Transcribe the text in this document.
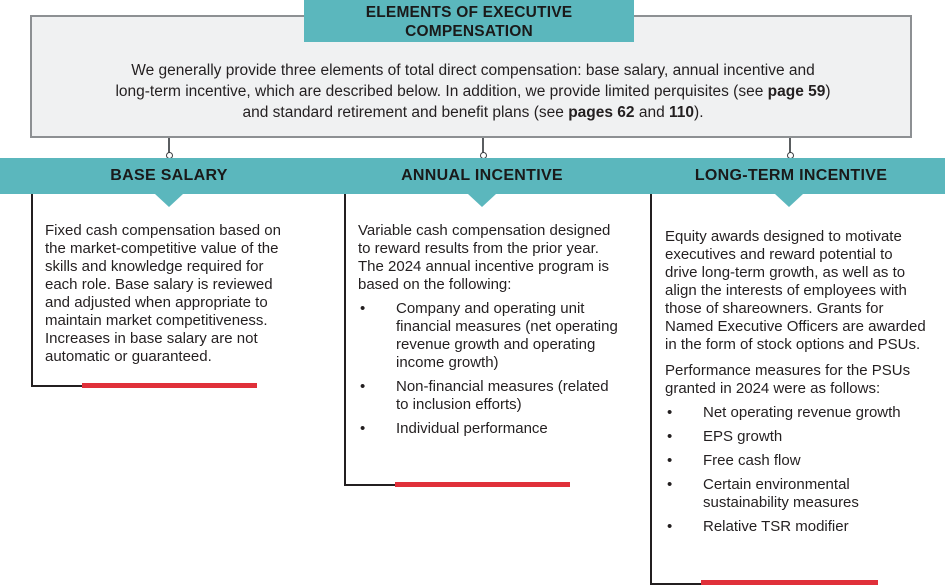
We generally provide three elements of total direct compensation: base salary, annual incentive and
long-term incentive, which are described below. In addition, we provide limited perquisites (see page 59)
and standard retirement and benefit plans (see pages 62 and 110).
ELEMENTS OF EXECUTIVE
COMPENSATION
BASE SALARY	ANNUAL INCENTIVE	LONG-TERM INCENTIVE

Fixed cash compensation based on the market-competitive value of the skills and knowledge required for each role. Base salary is reviewed and adjusted when appropriate to maintain market competitiveness. Increases in base salary are not automatic or guaranteed.

Variable cash compensation designed to reward results from the prior year. The 2024 annual incentive program is based on the following:

• Company and operating unit financial measures (net operating revenue growth and operating income growth)
• Non-financial measures (related to inclusion efforts)
• Individual performance

Equity awards designed to motivate executives and reward potential to drive long-term growth, as well as to align the interests of employees with those of shareowners. Grants for Named Executive Officers are awarded in the form of stock options and PSUs.

Performance measures for the PSUs granted in 2024 were as follows:

• Net operating revenue growth
• EPS growth
• Free cash flow
• Certain environmental sustainability measures
• Relative TSR modifier
